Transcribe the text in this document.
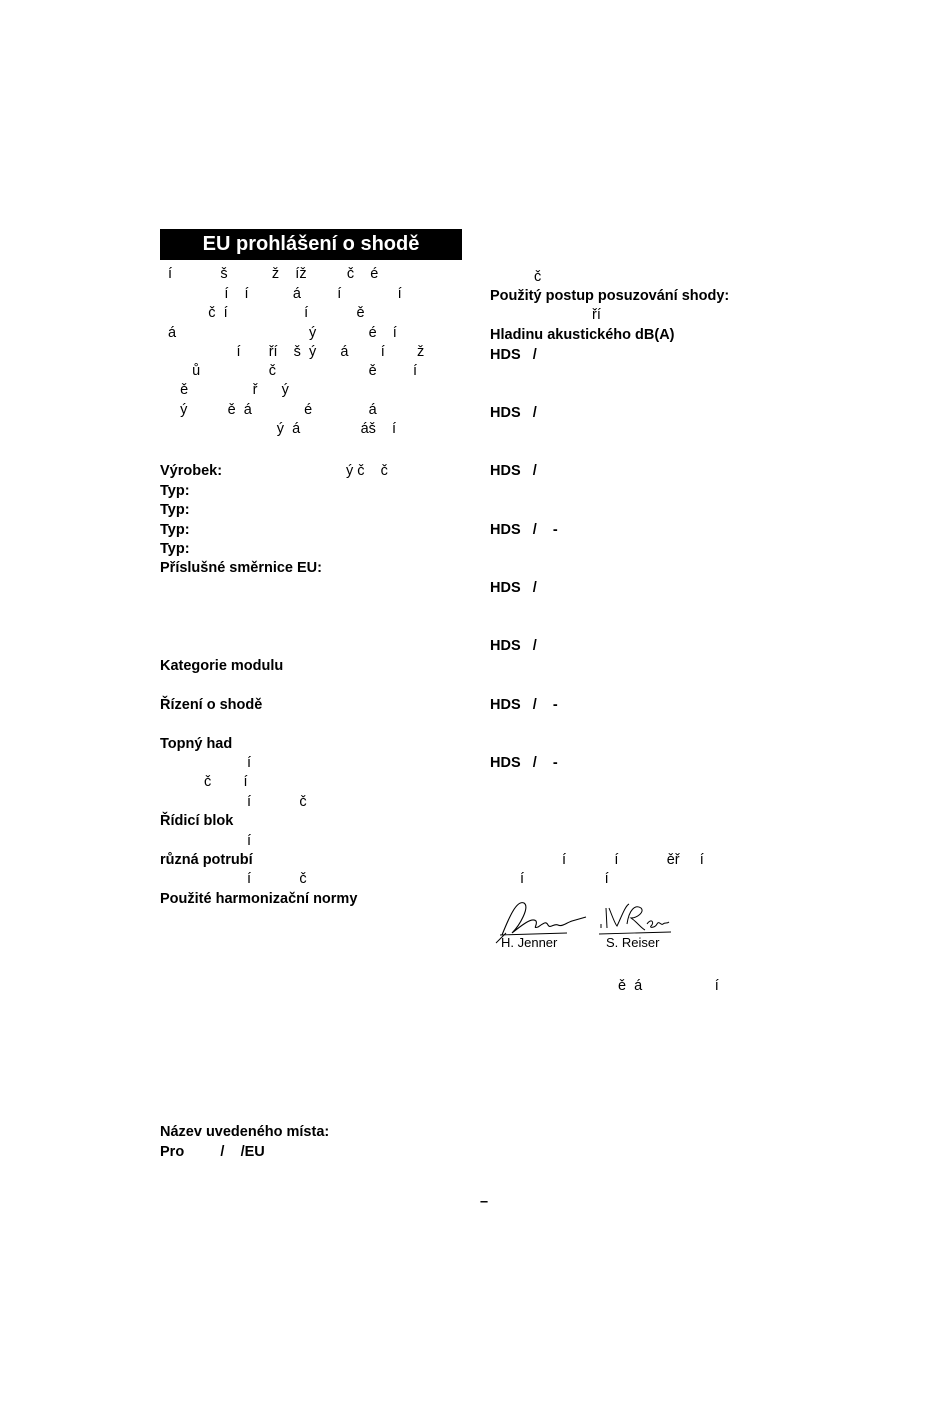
EU prohlášení o shodě
í            š           ž    íž          č    é
í    í           á         í              í
č  í                   í            ě
á                                 ý             é    í
í       ří    š  ý      á        í        ž
ů                 č                       ě         í
ě                ř      ý
ý          ě  á             é              á
ý  á               áš    í
Výrobek:	ý č    č
Typ:
Typ:
Typ:
Typ:
Příslušné směrnice EU:
Kategorie modulu
Řízení o shodě
Topný had
í
č        í
í            č
Řídicí blok
í
různá potrubí
í            č
Použité harmonizační normy
Název uvedeného místa:
Pro         /    /EU
č
Použitý postup posuzování shody:
ří
Hladinu akustického dB(A)
HDS   /
HDS   /
HDS   /
HDS   /    -
HDS   /
HDS   /
HDS   /    -
HDS   /    -
í            í            ěř     í
í                    í
H. Jenner	S. Reiser
ě  á                  í
–
